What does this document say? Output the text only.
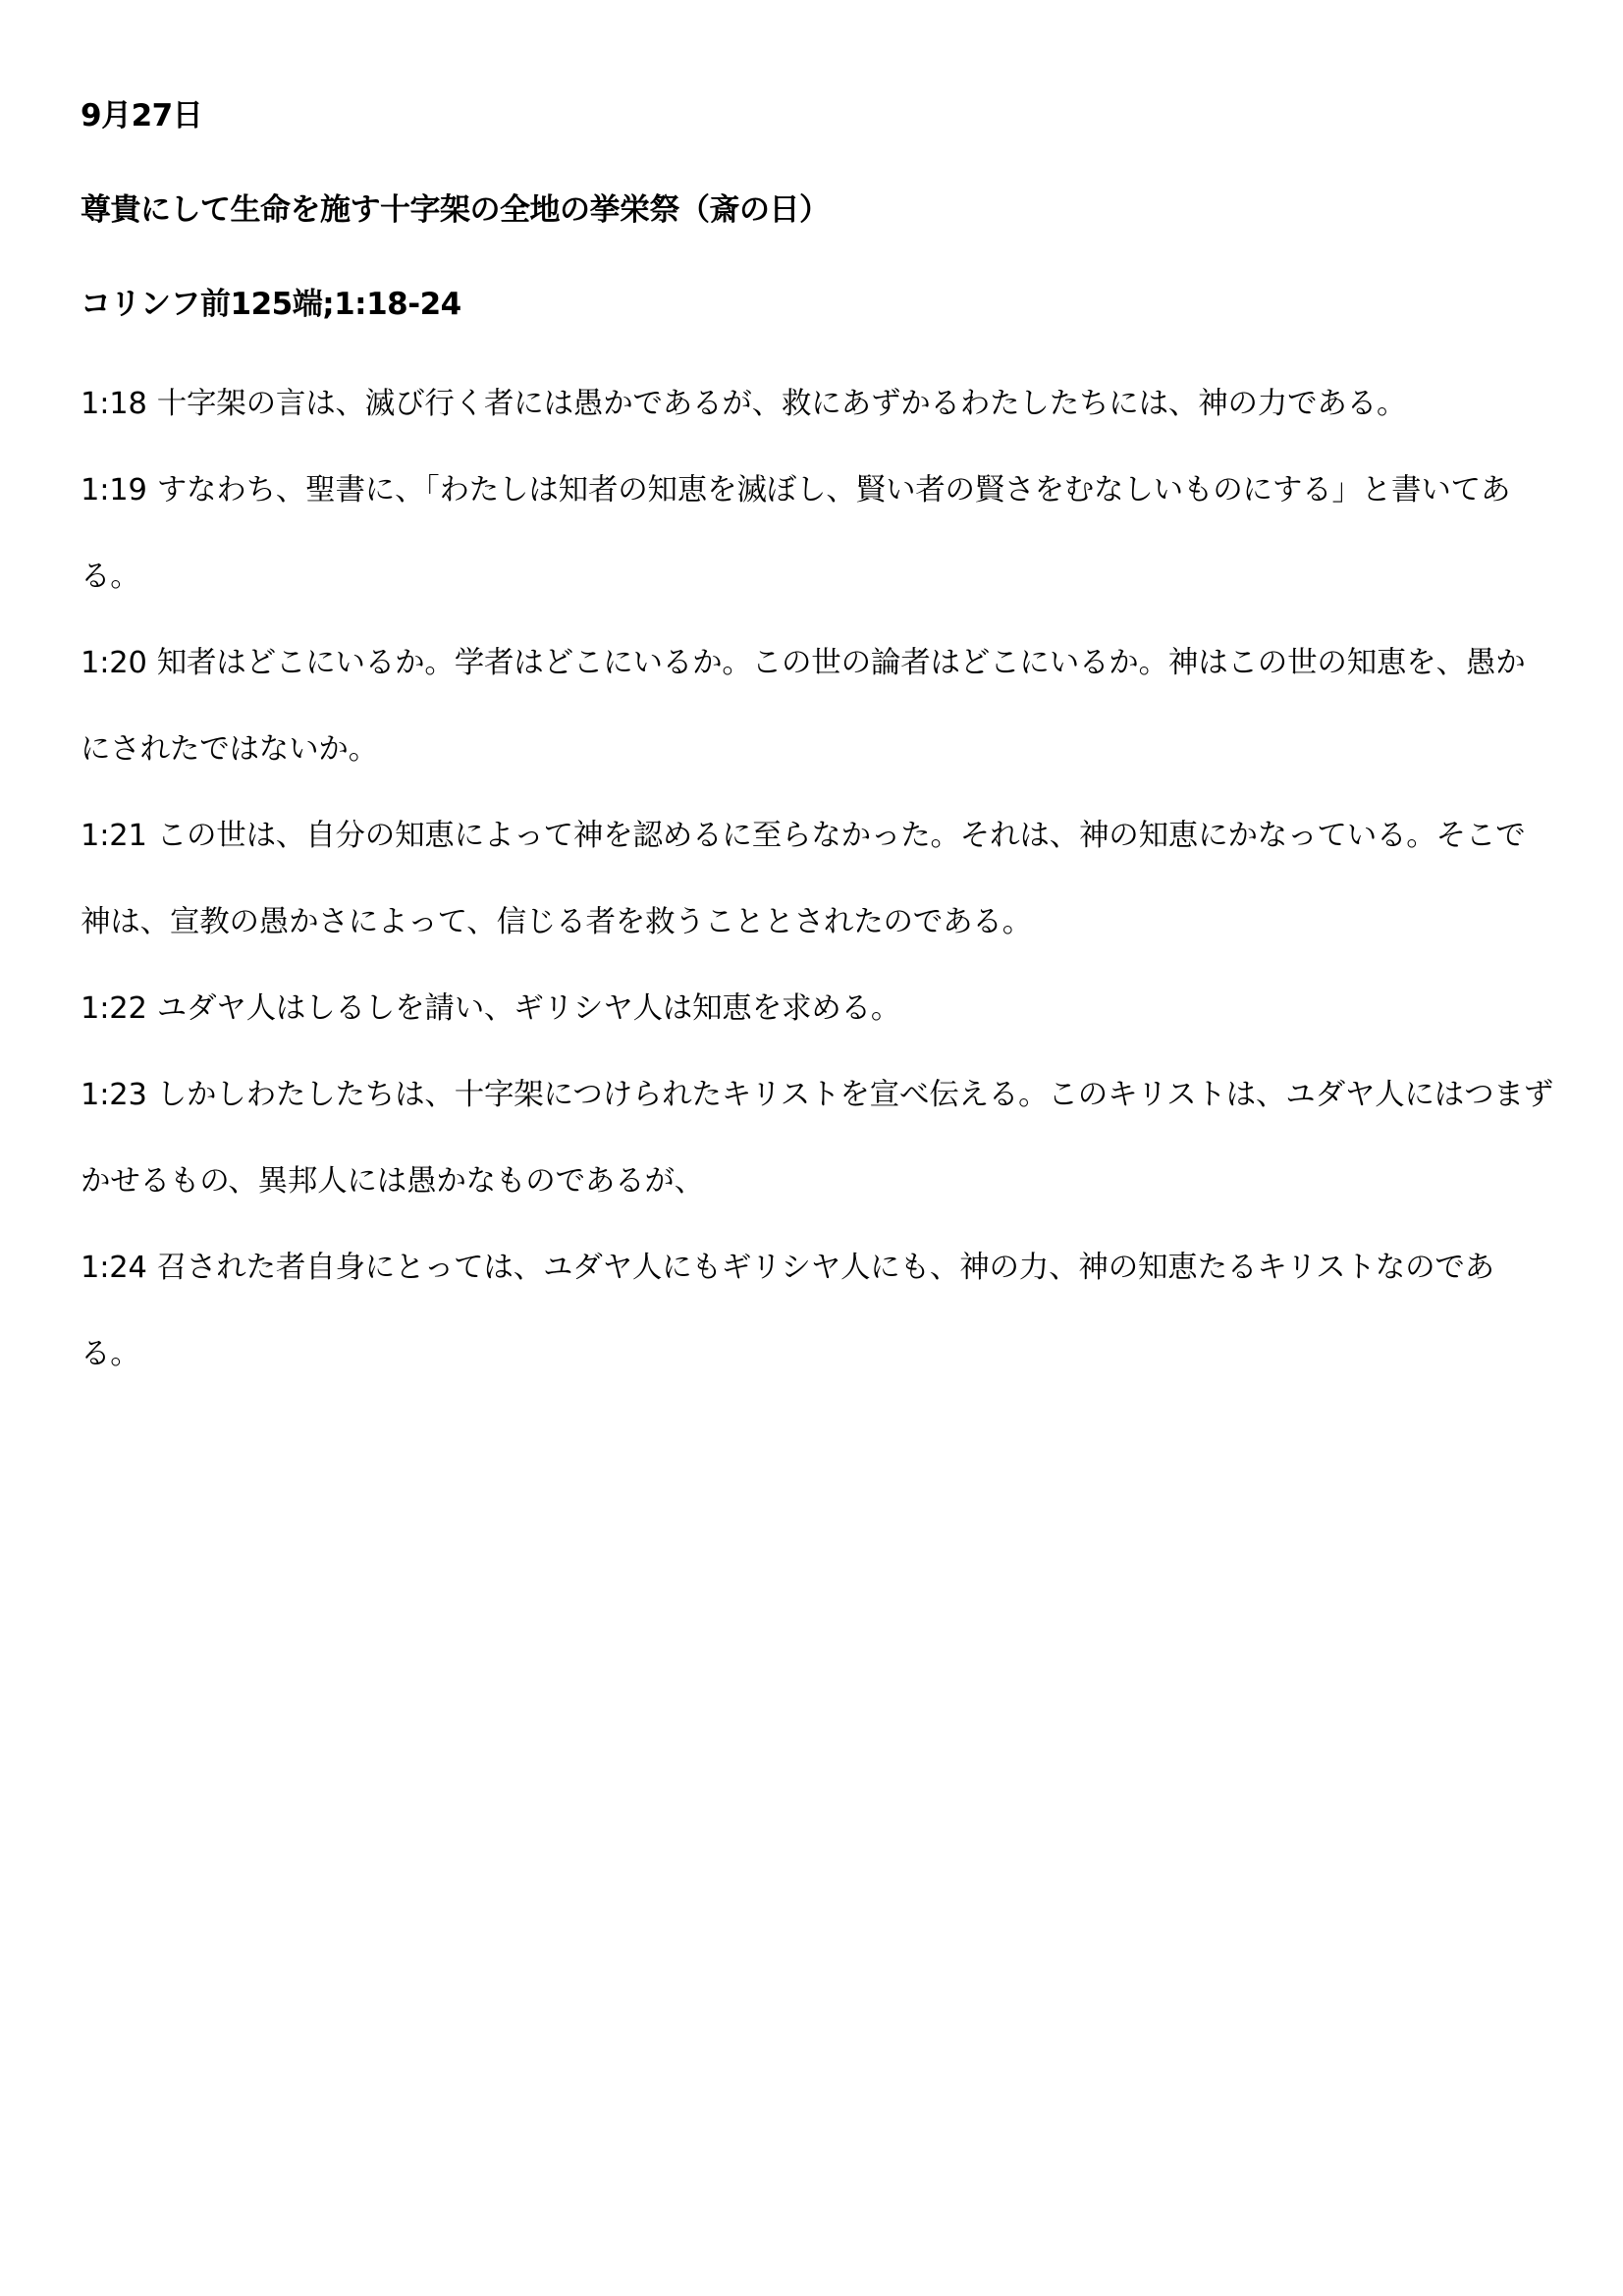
9月27日
尊貴にして生命を施す十字架の全地の挙栄祭（斎の日）
コリンフ前125端;1:18-24
1:18 十字架の言は、滅び行く者には愚かであるが、救にあずかるわたしたちには、神の力である。
1:19 すなわち、聖書に、「わたしは知者の知恵を滅ぼし、賢い者の賢さをむなしいものにする」と書いてある。
1:20 知者はどこにいるか。学者はどこにいるか。この世の論者はどこにいるか。神はこの世の知恵を、愚かにされたではないか。
1:21 この世は、自分の知恵によって神を認めるに至らなかった。それは、神の知恵にかなっている。そこで神は、宣教の愚かさによって、信じる者を救うこととされたのである。
1:22 ユダヤ人はしるしを請い、ギリシヤ人は知恵を求める。
1:23 しかしわたしたちは、十字架につけられたキリストを宣べ伝える。このキリストは、ユダヤ人にはつまずかせるもの、異邦人には愚かなものであるが、
1:24 召された者自身にとっては、ユダヤ人にもギリシヤ人にも、神の力、神の知恵たるキリストなのである。
